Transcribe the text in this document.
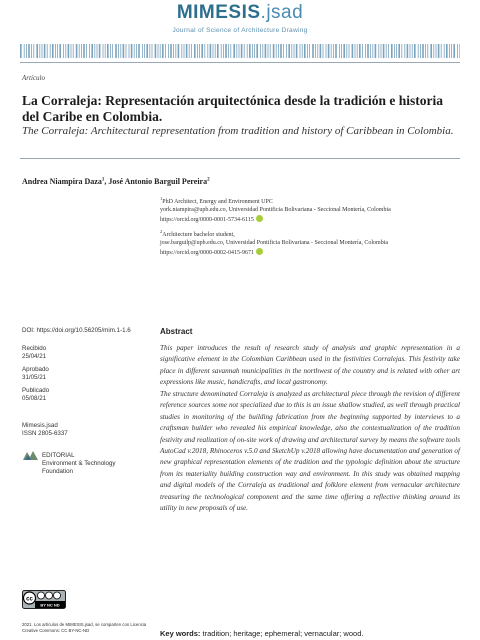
MIMESIS.jsad
Journal of Science of Architecture Drawing
Artículo
La Corraleja: Representación arquitectónica desde la tradición e historia del Caribe en Colombia.
The Corraleja: Architectural representation from tradition and history of Caribbean in Colombia.
Andrea Niampira Daza$^1$, José Antonio Barguil Pereira$^2$
$^1$PhD Architect, Energy and Environment UPC
york.niampira@upb.edu.co, Universidad Pontificia Bolivariana - Seccional Montería, Colombia
https://orcid.org/0000-0001-5734-6115
$^2$Architecture bachelor student,
jose.barguilp@upb.edu.co, Universidad Pontificia Bolivariana - Seccional Montería, Colombia
https://orcid.org/0000-0002-0415-9671
DOI: https://doi.org/10.56205/mim.1-1.6
Recibido
25/04/21
Aprobado
31/05/21
Publicado
05/08/21
Mimesis.jsad
ISSN 2805-6337
EDITORIAL
Environment & Technology
Foundation
Abstract

This paper introduces the result of research study of analysis and graphic representation in a significative element in the Colombian Caribbean used in the festivities Corralejas. This festivity take place in different savannah municipalities in the northwest of the country and is related with other art expressions like music, handicrafts, and local gastronomy.

The structure denominated Corraleja is analyzed as architectural piece through the revision of different reference sources some not specialized due to this is an issue shallow studied, as well through practical studies in monitoring of the building fabrication from the beginning supported by interviews to a craftsman builder who revealed his empirical knowledge, also the contextualization of the tradition festivity and realization of on-site work of drawing and architectural survey by means the software tools AutoCad v.2018, Rhinoceros v.5.0 and SketchUp v.2018 allowing have documentation and generation of new graphical representation elements of the tradition and the typologic definition about the structure from its materiality building construction way and environment. In this study was obtained mapping and digital models of the Corraleja as traditional and folklore element from vernacular architecture treasuring the technological component and the same time offering a reflective thinking around its utility in new proposals of use.

cc
BY NC ND
2021. Los artículos de MIMESIS.jsad, se comparten con Licencia Creative Commons: CC BY-NC-ND	Key words: tradition; heritage; ephemeral; vernacular; wood.
